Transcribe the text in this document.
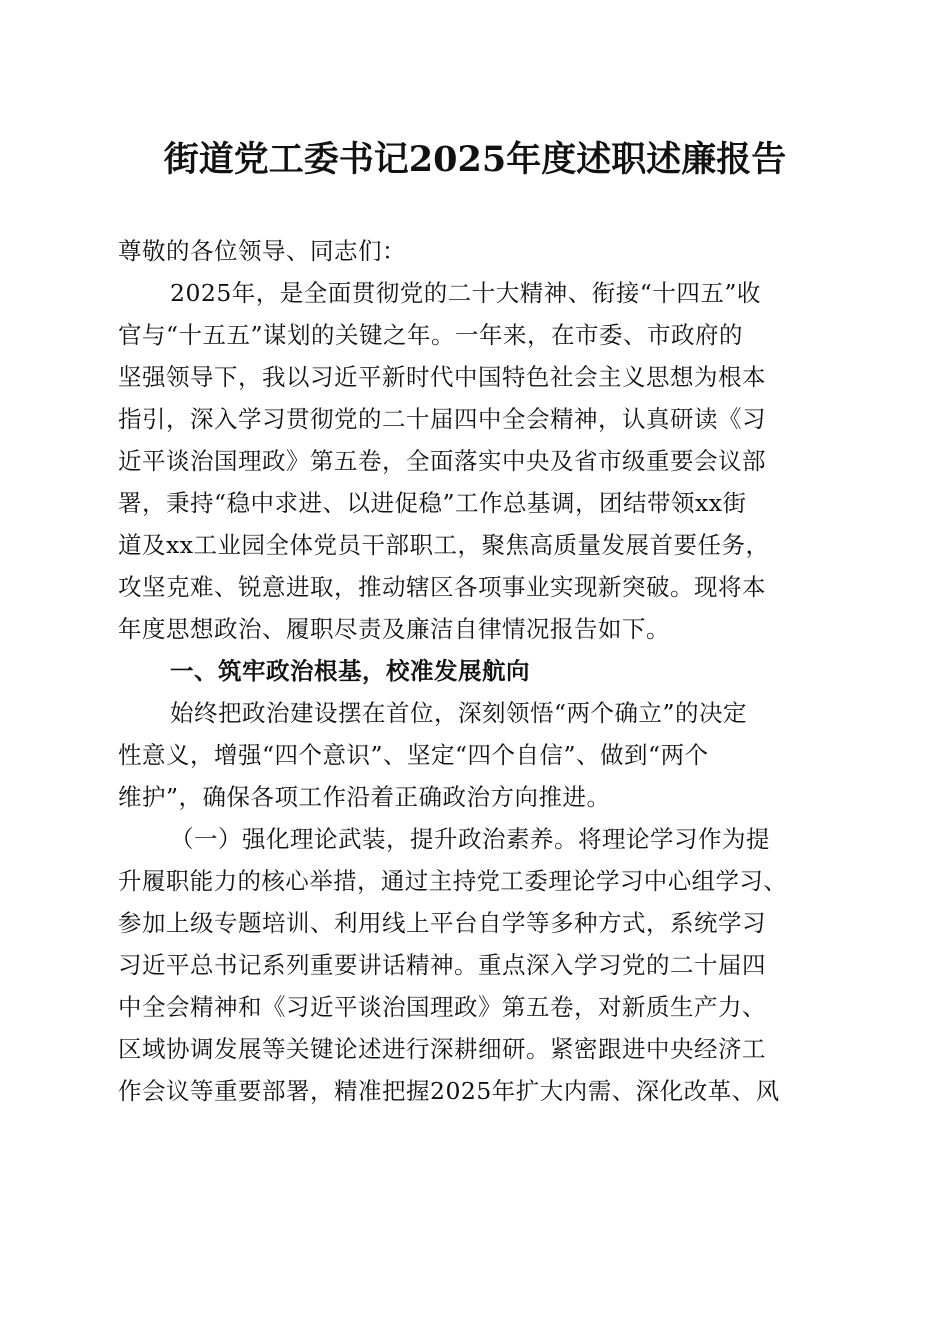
街道党工委书记2025年度述职述廉报告
尊敬的各位领导、同志们：
2025年，是全面贯彻党的二十大精神、衔接“十四五”收
官与“十五五”谋划的关键之年。一年来，在市委、市政府的
坚强领导下，我以习近平新时代中国特色社会主义思想为根本
指引，深入学习贯彻党的二十届四中全会精神，认真研读《习
近平谈治国理政》第五卷，全面落实中央及省市级重要会议部
署，秉持“稳中求进、以进促稳”工作总基调，团结带领xx街
道及xx工业园全体党员干部职工，聚焦高质量发展首要任务，
攻坚克难、锐意进取，推动辖区各项事业实现新突破。现将本
年度思想政治、履职尽责及廉洁自律情况报告如下。
一、筑牢政治根基，校准发展航向
始终把政治建设摆在首位，深刻领悟“两个确立”的决定
性意义，增强“四个意识”、坚定“四个自信”、做到“两个
维护”，确保各项工作沿着正确政治方向推进。
（一）强化理论武装，提升政治素养。将理论学习作为提
升履职能力的核心举措，通过主持党工委理论学习中心组学习、
参加上级专题培训、利用线上平台自学等多种方式，系统学习
习近平总书记系列重要讲话精神。重点深入学习党的二十届四
中全会精神和《习近平谈治国理政》第五卷，对新质生产力、
区域协调发展等关键论述进行深耕细研。紧密跟进中央经济工
作会议等重要部署，精准把握2025年扩大内需、深化改革、风
